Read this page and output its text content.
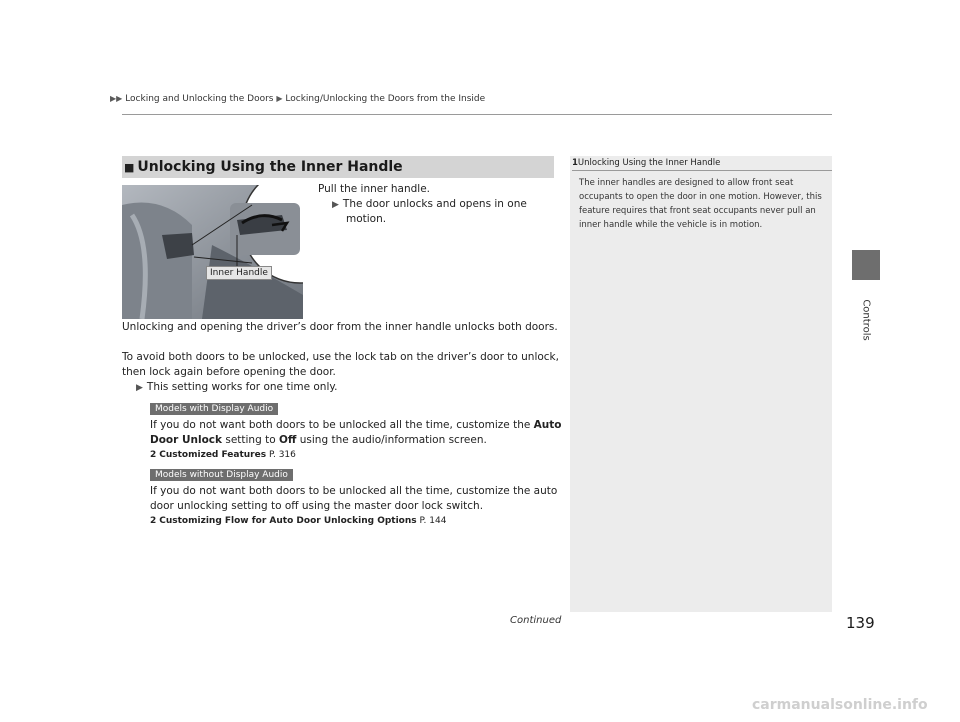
▶▶ Locking and Unlocking the Doors ▶ Locking/Unlocking the Doors from the Inside
Controls
■ Unlocking Using the Inner Handle
Inner Handle
Pull the inner handle.
▶ The door unlocks and opens in one
motion.
Unlocking and opening the driver’s door from the inner handle unlocks both doors.
To avoid both doors to be unlocked, use the lock tab on the driver’s door to unlock,
then lock again before opening the door.
▶ This setting works for one time only.
Models with Display Audio
If you do not want both doors to be unlocked all the time, customize the Auto
Door Unlock setting to Off using the audio/information screen.
2 Customized Features P. 316
Models without Display Audio
If you do not want both doors to be unlocked all the time, customize the auto
door unlocking setting to off using the master door lock switch.
2 Customizing Flow for Auto Door Unlocking Options P. 144
1Unlocking Using the Inner Handle
The inner handles are designed to allow front seat occupants to open the door in one motion. However, this feature requires that front seat occupants never pull an inner handle while the vehicle is in motion.
Continued	139
carmanualsonline.info
